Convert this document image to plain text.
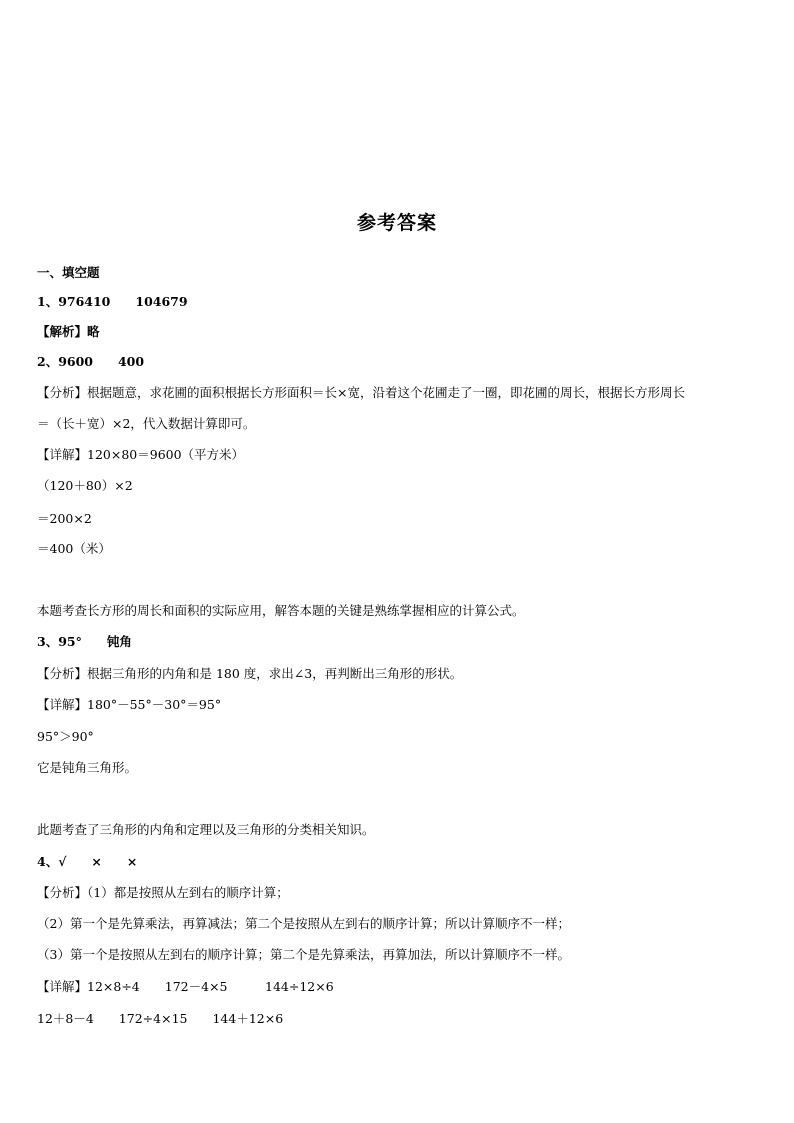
参考答案
一、填空题
1、976410　　104679
【解析】略
2、9600　　400
【分析】根据题意，求花圃的面积根据长方形面积＝长×宽，沿着这个花圃走了一圈，即花圃的周长，根据长方形周长
＝（长＋宽）×2，代入数据计算即可。
【详解】120×80＝9600（平方米）
（120＋80）×2
＝200×2
＝400（米）
本题考查长方形的周长和面积的实际应用，解答本题的关键是熟练掌握相应的计算公式。
3、95°　　钝角
【分析】根据三角形的内角和是 180 度，求出∠3，再判断出三角形的形状。
【详解】180°－55°－30°＝95°
95°＞90°
它是钝角三角形。
此题考查了三角形的内角和定理以及三角形的分类相关知识。
4、√　　×　　×
【分析】（1）都是按照从左到右的顺序计算；
（2）第一个是先算乘法，再算减法；第二个是按照从左到右的顺序计算；所以计算顺序不一样；
（3）第一个是按照从左到右的顺序计算；第二个是先算乘法，再算加法，所以计算顺序不一样。
【详解】12×8÷4　　172－4×5　　　144÷12×6
12＋8－4　　172÷4×15　　144＋12×6
